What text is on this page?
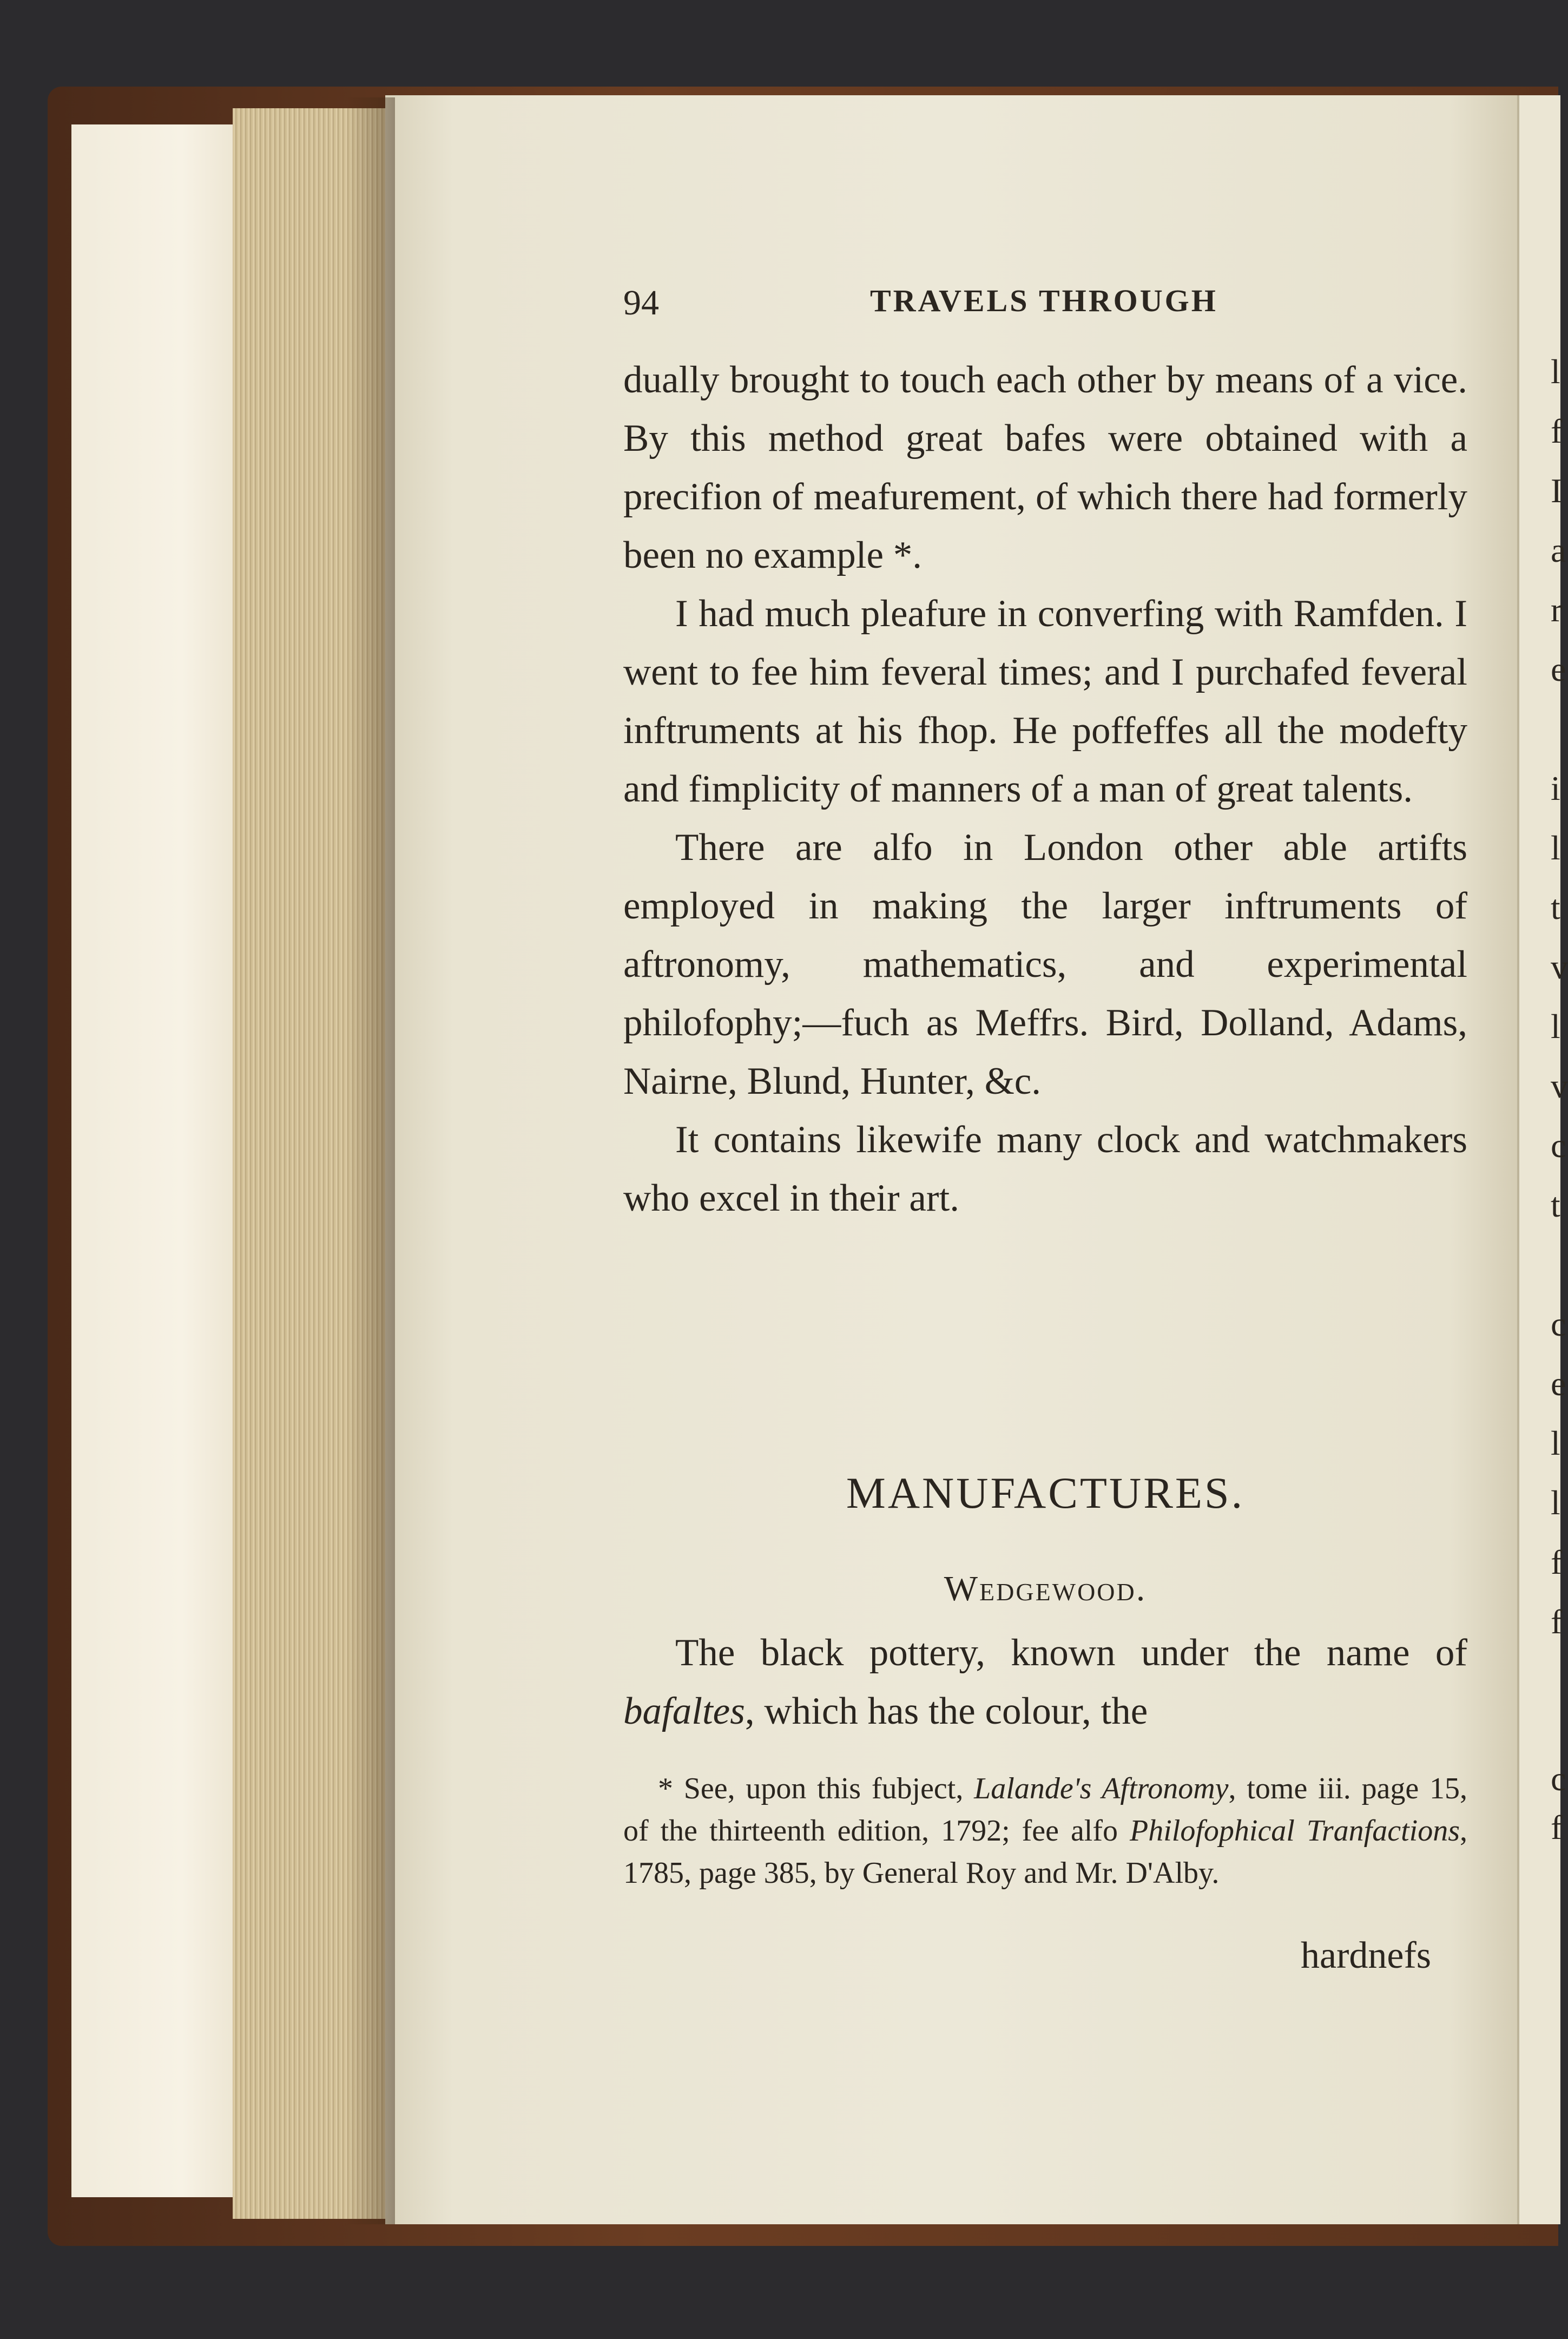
l
f
I
a
r
e
i
l
t
v
l
v
c
t
c
e
l
l
f
f
c
f

94	TRAVELS THROUGH

dually brought to touch each other by means of a vice. By this method great bafes were obtained with a precifion of meafurement, of which there had formerly been no example *.

I had much pleafure in converfing with Ramfden. I went to fee him feveral times; and I purchafed feveral inftruments at his fhop. He poffeffes all the modefty and fimplicity of manners of a man of great talents.

There are alfo in London other able artifts employed in making the larger inftruments of aftronomy, mathematics, and experimental philofophy;—fuch as Meffrs. Bird, Dolland, Adams, Nairne, Blund, Hunter, &c.

It contains likewife many clock and watchmakers who excel in their art.

MANUFACTURES.
Wedgewood.

The black pottery, known under the name of bafaltes, which has the colour, the

* See, upon this fubject, Lalande's Aftronomy, tome iii. page 15, of the thirteenth edition, 1792; fee alfo Philofophical Tranfactions, 1785, page 385, by General Roy and Mr. D'Alby.

hardnefs
